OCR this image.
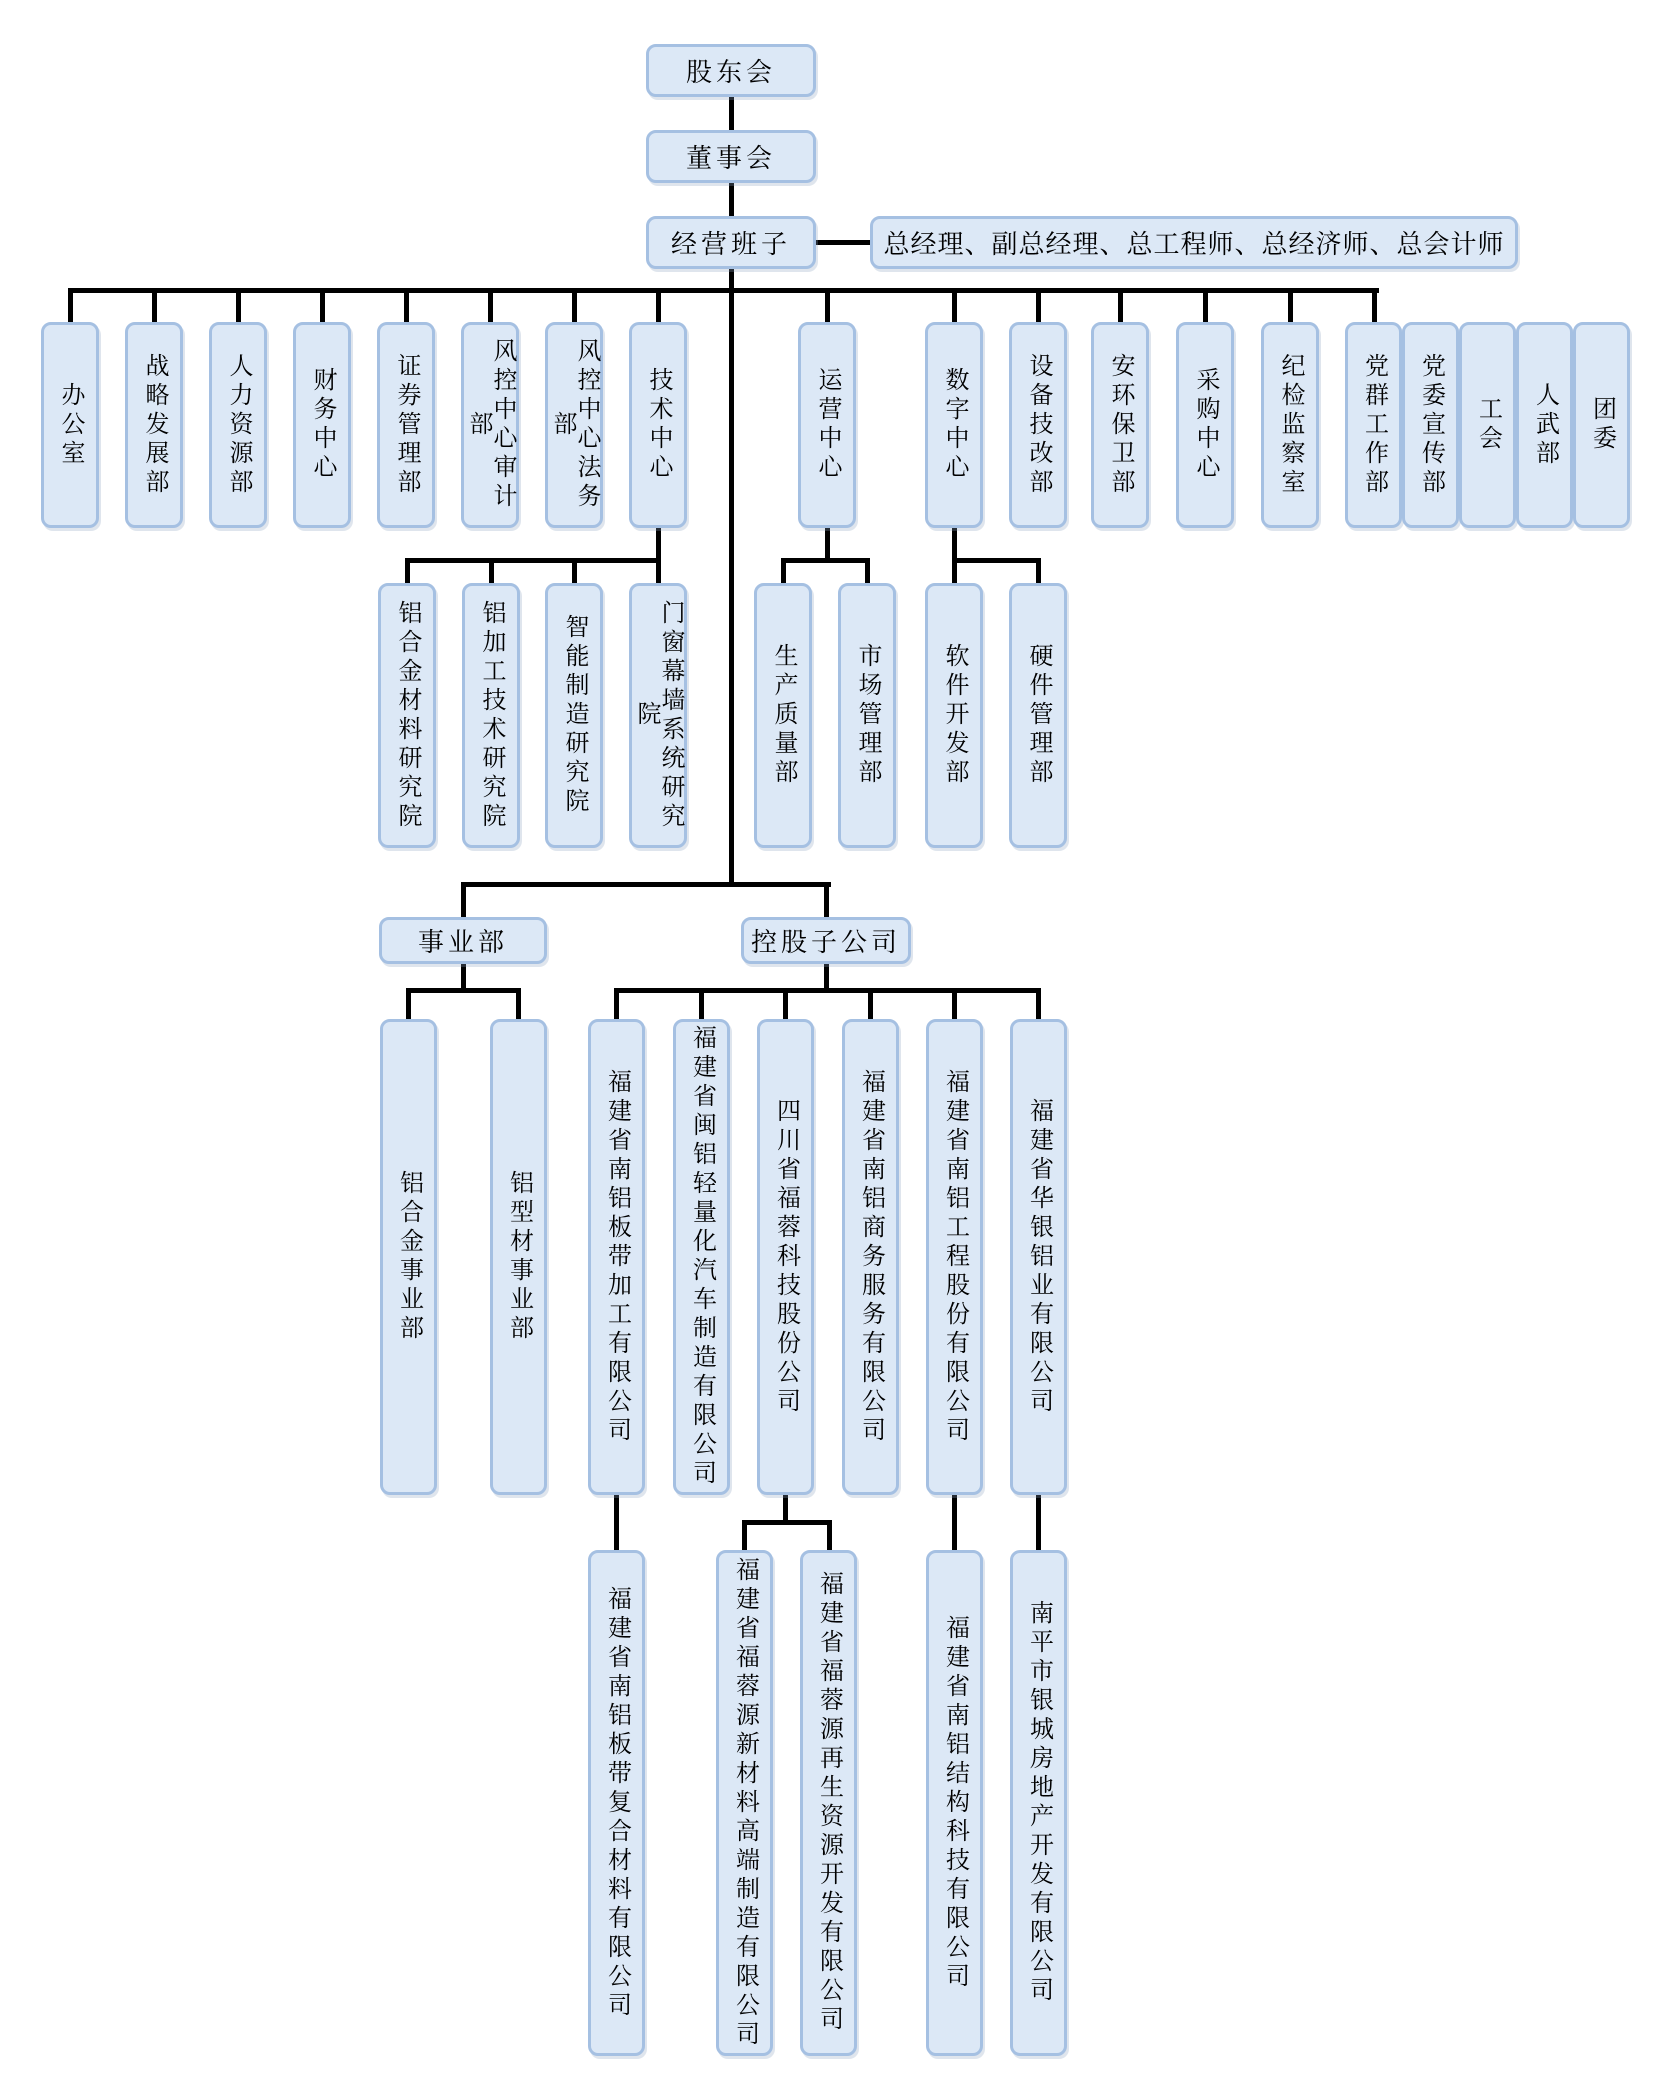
股东会
董事会
经营班子	总经理、副总经理、总工程师、总经济师、总会计师
办公室	战略发展部	人力资源部	财务中心	证券管理部	风控中心审计部	风控中心法务部	技术中心	运营中心	数字中心	设备技改部	安环保卫部	采购中心	纪检监察室	党群工作部	党委宣传部	工会	人武部	团委
铝合金材料研究院	铝加工技术研究院	智能制造研究院	门窗幕墙系统研究院	生产质量部	市场管理部	软件开发部	硬件管理部
事业部	控股子公司
铝合金事业部	铝型材事业部	福建省南铝板带加工有限公司	福建省闽铝轻量化汽车制造有限公司	四川省福蓉科技股份公司	福建省南铝商务服务有限公司	福建省南铝工程股份有限公司	福建省华银铝业有限公司
福建省南铝板带复合材料有限公司	福建省福蓉源新材料高端制造有限公司	福建省福蓉源再生资源开发有限公司	福建省南铝结构科技有限公司	南平市银城房地产开发有限公司
